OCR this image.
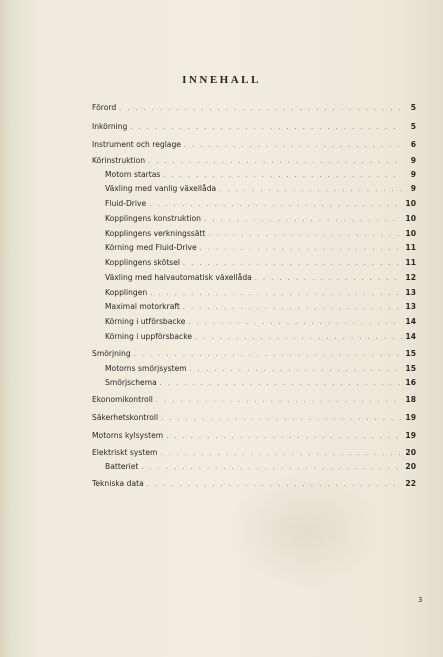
INNEHALL
Förord . . .	5
Inkörning . . .	5
Instrument och reglage . . .	6
Körinstruktion . . .	9
Motorn startas . . .	9
Växling med vanlig växellåda . . .	9
Fluid-Drive . . .	10
Kopplingens konstruktion . . .	10
Kopplingens verkningssätt . . .	10
Körning med Fluid-Drive . . .	11
Kopplingens skötsel . . .	11
Växling med halvautomatisk växellåda . . .	12
Kopplingen . . .	13
Maximal motorkraft . . .	13
Körning i utförsbacke . . .	14
Körning i uppförsbacke . . .	14
Smörjning . . .	15
Motorns smörjsystem . . .	15
Smörjschema . . .	16
Ekonomikontroll . . .	18
Säkerhetskontroll . . .	19
Motorns kylsystem . . .	19
Elektriskt system . . .	20
Batteriet . . .	20
Tekniska data . . .	22
3
